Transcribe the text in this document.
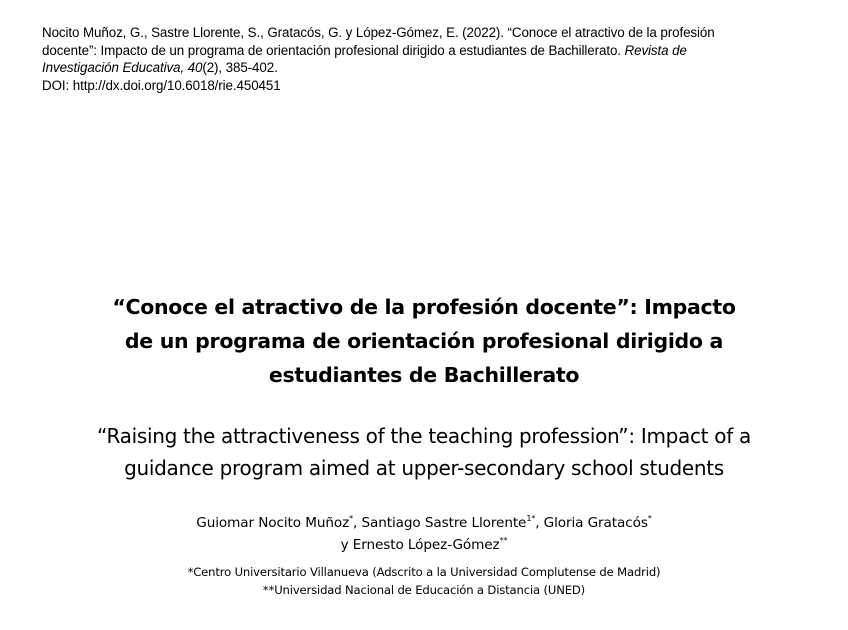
Nocito Muñoz, G., Sastre Llorente, S., Gratacós, G. y López-Gómez, E. (2022). “Conoce el atractivo de la profesión
docente”: Impacto de un programa de orientación profesional dirigido a estudiantes de Bachillerato. Revista de
Investigación Educativa, 40(2), 385-402.
DOI: http://dx.doi.org/10.6018/rie.450451
“Conoce el atractivo de la profesión docente”: Impacto
de un programa de orientación profesional dirigido a
estudiantes de Bachillerato
“Raising the attractiveness of the teaching profession”: Impact of a
guidance program aimed at upper-secondary school students
Guiomar Nocito Muñoz*, Santiago Sastre Llorente$^{1*}$, Gloria Gratacós*
y Ernesto López-Gómez**
*Centro Universitario Villanueva (Adscrito a la Universidad Complutense de Madrid)
**Universidad Nacional de Educación a Distancia (UNED)
